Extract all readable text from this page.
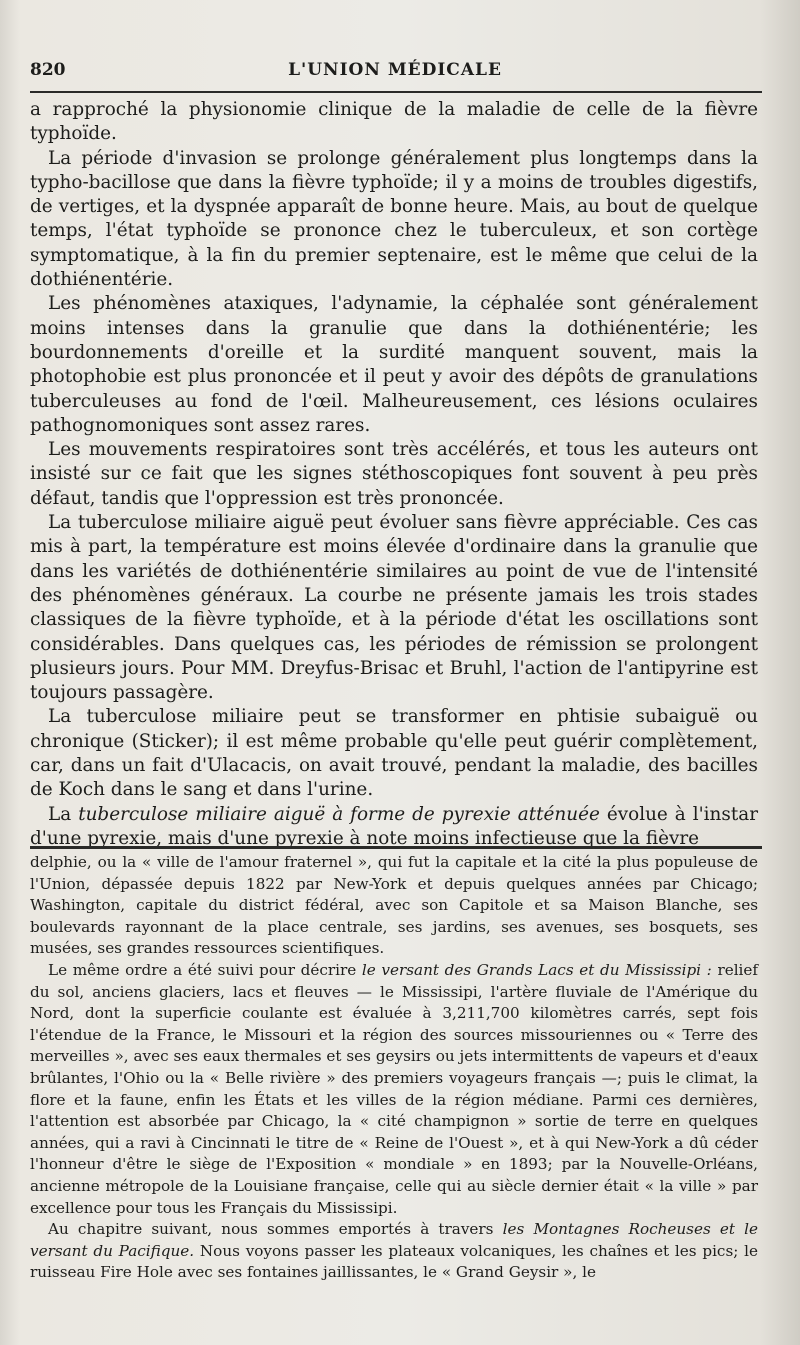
820	L'UNION MÉDICALE

a rapproché la physionomie clinique de la maladie de celle de la fièvre typhoïde.

La période d'invasion se prolonge généralement plus longtemps dans la typho-bacillose que dans la fièvre typhoïde; il y a moins de troubles digestifs, de vertiges, et la dyspnée apparaît de bonne heure. Mais, au bout de quelque temps, l'état typhoïde se prononce chez le tuberculeux, et son cortège symptomatique, à la fin du premier septenaire, est le même que celui de la dothiénentérie.

Les phénomènes ataxiques, l'adynamie, la céphalée sont généralement moins intenses dans la granulie que dans la dothiénentérie; les bourdonnements d'oreille et la surdité manquent souvent, mais la photophobie est plus prononcée et il peut y avoir des dépôts de granulations tuberculeuses au fond de l'œil. Malheureusement, ces lésions oculaires pathognomoniques sont assez rares.

Les mouvements respiratoires sont très accélérés, et tous les auteurs ont insisté sur ce fait que les signes stéthoscopiques font souvent à peu près défaut, tandis que l'oppression est très prononcée.

La tuberculose miliaire aiguë peut évoluer sans fièvre appréciable. Ces cas mis à part, la température est moins élevée d'ordinaire dans la granulie que dans les variétés de dothiénentérie similaires au point de vue de l'intensité des phénomènes généraux. La courbe ne présente jamais les trois stades classiques de la fièvre typhoïde, et à la période d'état les oscillations sont considérables. Dans quelques cas, les périodes de rémission se prolongent plusieurs jours. Pour MM. Dreyfus-Brisac et Bruhl, l'action de l'antipyrine est toujours passagère.

La tuberculose miliaire peut se transformer en phtisie subaiguë ou chronique (Sticker); il est même probable qu'elle peut guérir complètement, car, dans un fait d'Ulacacis, on avait trouvé, pendant la maladie, des bacilles de Koch dans le sang et dans l'urine.

La tuberculose miliaire aiguë à forme de pyrexie atténuée évolue à l'instar d'une pyrexie, mais d'une pyrexie à note moins infectieuse que la fièvre

delphie, ou la « ville de l'amour fraternel », qui fut la capitale et la cité la plus populeuse de l'Union, dépassée depuis 1822 par New-York et depuis quelques années par Chicago; Washington, capitale du district fédéral, avec son Capitole et sa Maison Blanche, ses boulevards rayonnant de la place centrale, ses jardins, ses avenues, ses bosquets, ses musées, ses grandes ressources scientifiques.

Le même ordre a été suivi pour décrire le versant des Grands Lacs et du Mississipi : relief du sol, anciens glaciers, lacs et fleuves — le Mississipi, l'artère fluviale de l'Amérique du Nord, dont la superficie coulante est évaluée à 3,211,700 kilomètres carrés, sept fois l'étendue de la France, le Missouri et la région des sources missouriennes ou « Terre des merveilles », avec ses eaux thermales et ses geysirs ou jets intermittents de vapeurs et d'eaux brûlantes, l'Ohio ou la « Belle rivière » des premiers voyageurs français —; puis le climat, la flore et la faune, enfin les États et les villes de la région médiane. Parmi ces dernières, l'attention est absorbée par Chicago, la « cité champignon » sortie de terre en quelques années, qui a ravi à Cincinnati le titre de « Reine de l'Ouest », et à qui New-York a dû céder l'honneur d'être le siège de l'Exposition « mondiale » en 1893; par la Nouvelle-Orléans, ancienne métropole de la Louisiane française, celle qui au siècle dernier était « la ville » par excellence pour tous les Français du Mississipi.

Au chapitre suivant, nous sommes emportés à travers les Montagnes Rocheuses et le versant du Pacifique. Nous voyons passer les plateaux volcaniques, les chaînes et les pics; le ruisseau Fire Hole avec ses fontaines jaillissantes, le « Grand Geysir », le
